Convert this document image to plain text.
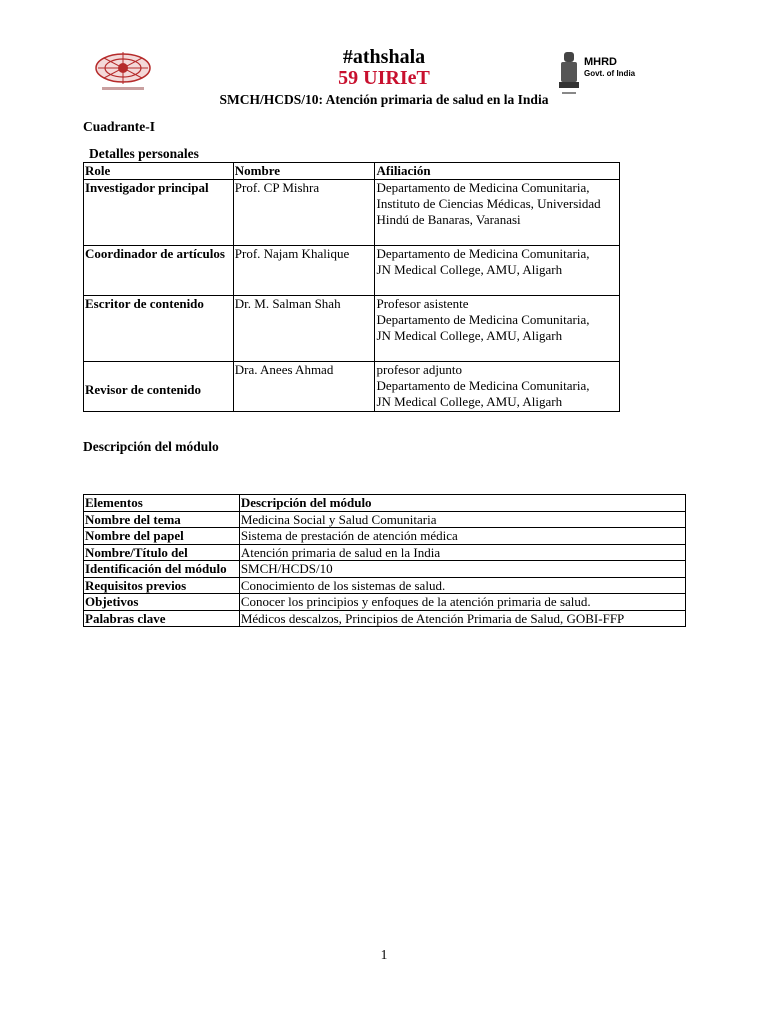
#athshala
59 UIRIeT
SMCH/HCDS/10: Atención primaria de salud en la India
MHRD
Govt. of India
Cuadrante-I
Detalles personales
Role	Nombre	Afiliación
Investigador principal	Prof. CP Mishra	Departamento de Medicina Comunitaria,
Instituto de Ciencias Médicas, Universidad
Hindú de Banaras, Varanasi

Coordinador de artículos	Prof. Najam Khalique	Departamento de Medicina Comunitaria,
JN Medical College, AMU, Aligarh

Escritor de contenido	Dr. M. Salman Shah	Profesor asistente
Departamento de Medicina Comunitaria,
JN Medical College, AMU, Aligarh

Revisor de contenido	Dra. Anees Ahmad	profesor adjunto
Departamento de Medicina Comunitaria,
JN Medical College, AMU, Aligarh
Descripción del módulo
Elementos	Descripción del módulo
Nombre del tema	Medicina Social y Salud Comunitaria
Nombre del papel	Sistema de prestación de atención médica
Nombre/Título del	Atención primaria de salud en la India
Identificación del módulo	SMCH/HCDS/10
Requisitos previos	Conocimiento de los sistemas de salud.
Objetivos	Conocer los principios y enfoques de la atención primaria de salud.
Palabras clave	Médicos descalzos, Principios de Atención Primaria de Salud, GOBI-FFP
1
